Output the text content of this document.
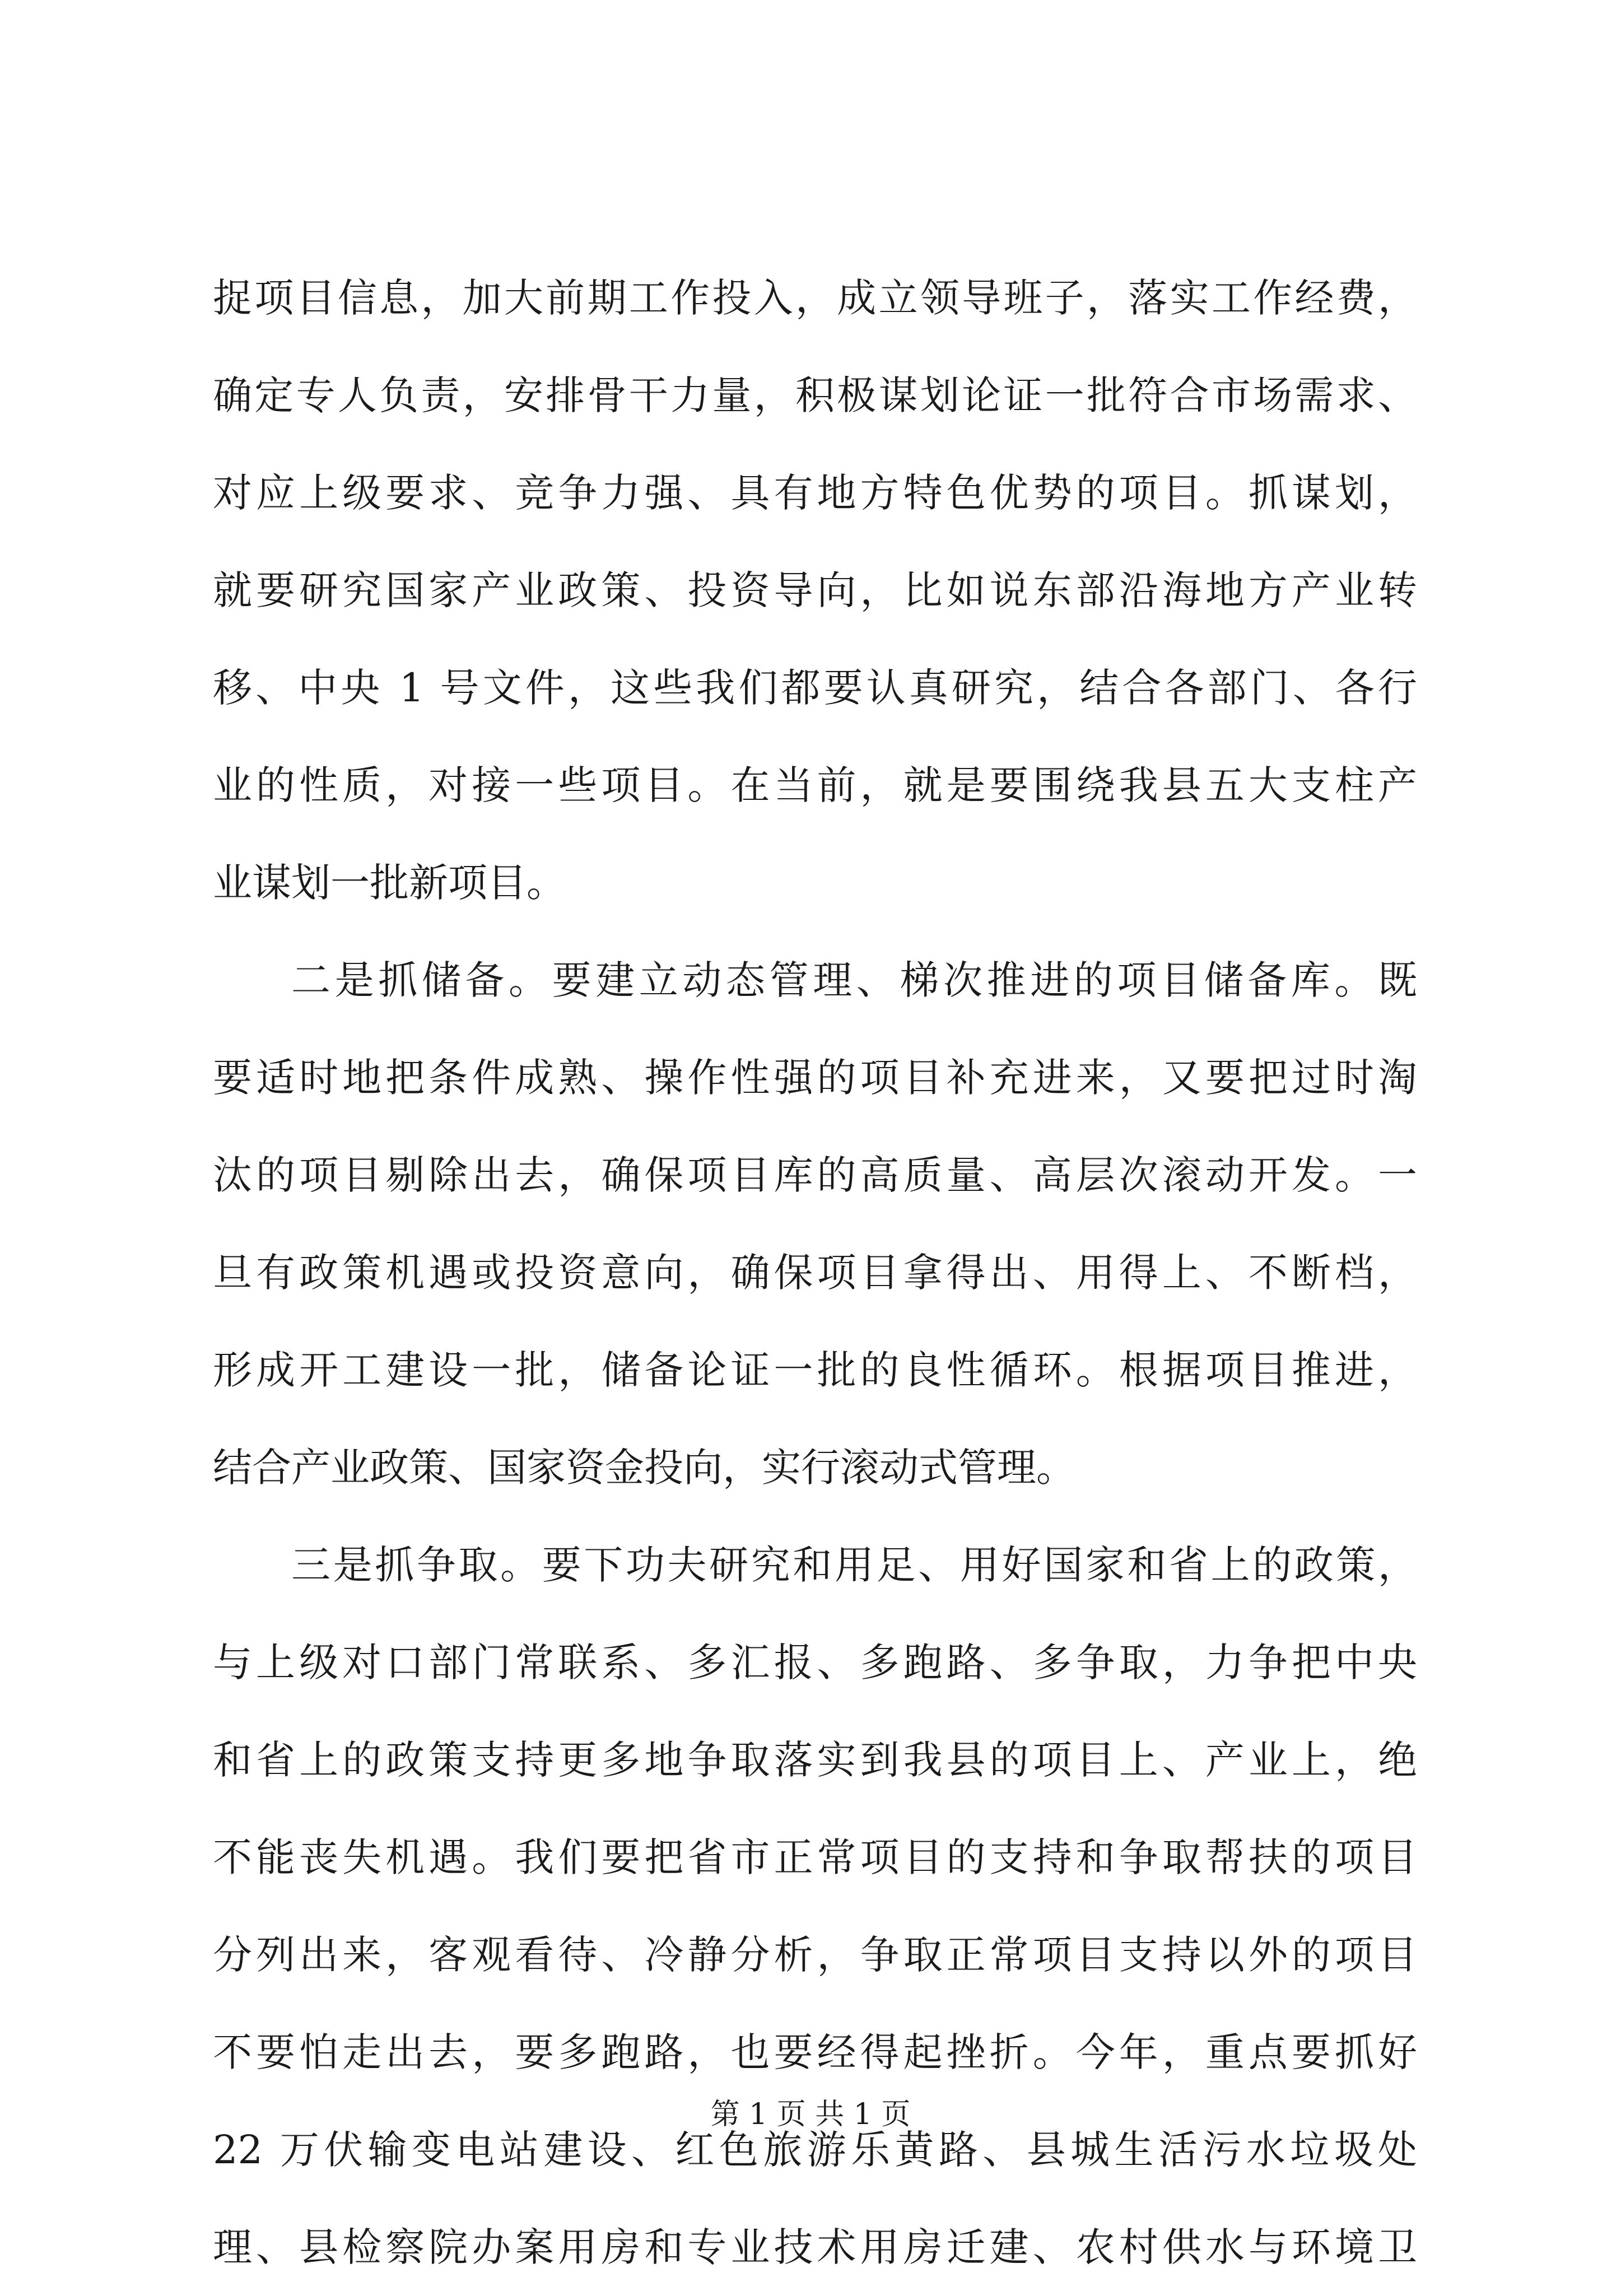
捉项目信息，加大前期工作投入，成立领导班子，落实工作经费，
确定专人负责，安排骨干力量，积极谋划论证一批符合市场需求、
对应上级要求、竞争力强、具有地方特色优势的项目。抓谋划，
就要研究国家产业政策、投资导向，比如说东部沿海地方产业转
移、中央 1 号文件，这些我们都要认真研究，结合各部门、各行
业的性质，对接一些项目。在当前，就是要围绕我县五大支柱产
业谋划一批新项目。
二是抓储备。要建立动态管理、梯次推进的项目储备库。既
要适时地把条件成熟、操作性强的项目补充进来，又要把过时淘
汰的项目剔除出去，确保项目库的高质量、高层次滚动开发。一
旦有政策机遇或投资意向，确保项目拿得出、用得上、不断档，
形成开工建设一批，储备论证一批的良性循环。根据项目推进，
结合产业政策、国家资金投向，实行滚动式管理。
三是抓争取。要下功夫研究和用足、用好国家和省上的政策，
与上级对口部门常联系、多汇报、多跑路、多争取，力争把中央
和省上的政策支持更多地争取落实到我县的项目上、产业上，绝
不能丧失机遇。我们要把省市正常项目的支持和争取帮扶的项目
分列出来，客观看待、冷静分析，争取正常项目支持以外的项目
不要怕走出去，要多跑路，也要经得起挫折。今年，重点要抓好
22 万伏输变电站建设、红色旅游乐黄路、县城生活污水垃圾处
理、县检察院办案用房和专业技术用房迁建、农村供水与环境卫
第 1 页 共 1 页
